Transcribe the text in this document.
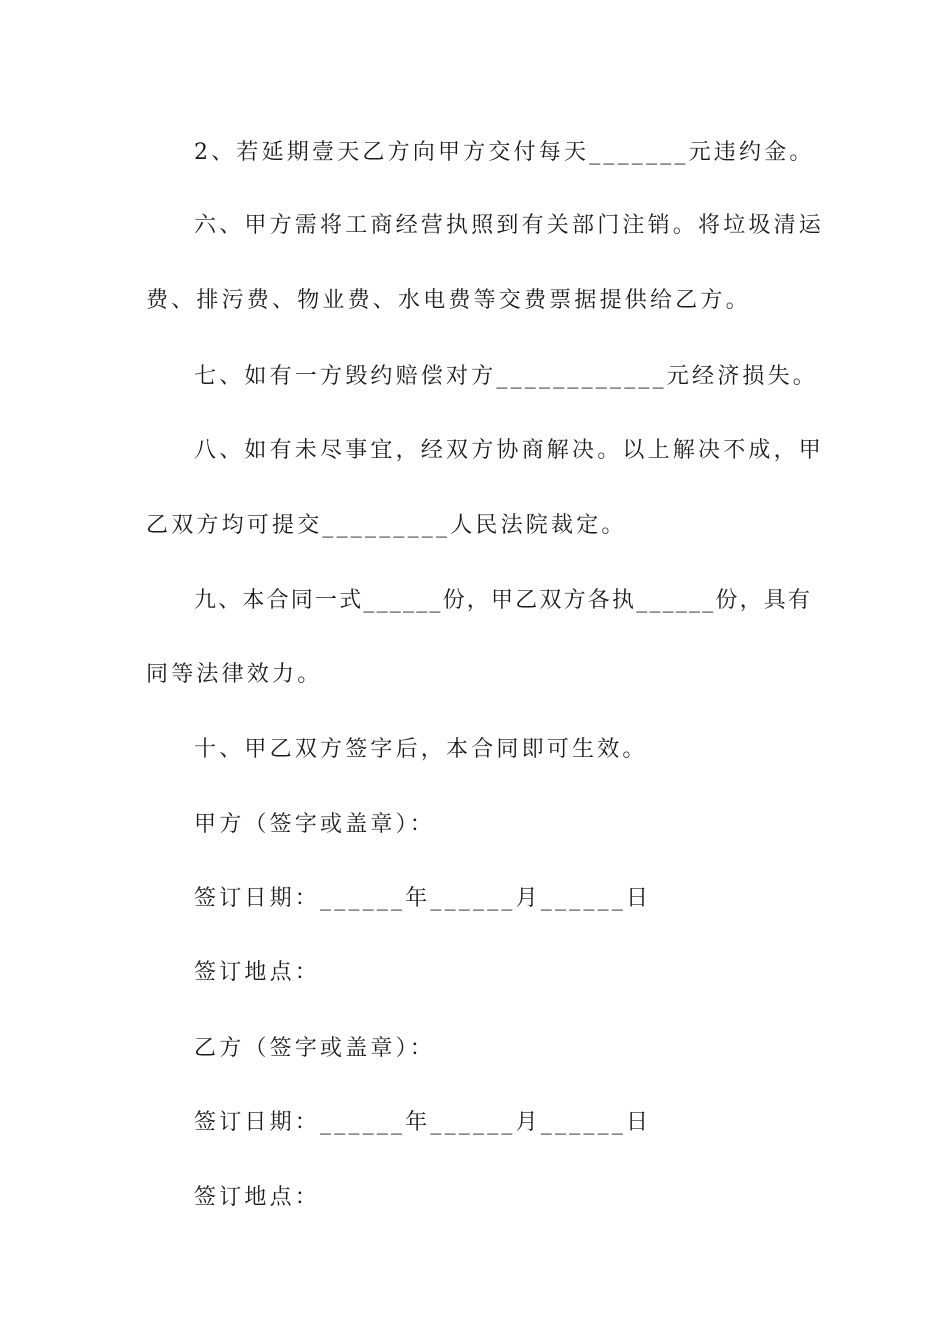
2、若延期壹天乙方向甲方交付每天_______元违约金。
六、甲方需将工商经营执照到有关部门注销。将垃圾清运
费、排污费、物业费、水电费等交费票据提供给乙方。
七、如有一方毁约赔偿对方____________元经济损失。
八、如有未尽事宜，经双方协商解决。以上解决不成，甲
乙双方均可提交_________人民法院裁定。
九、本合同一式______份，甲乙双方各执______份，具有
同等法律效力。
十、甲乙双方签字后，本合同即可生效。
甲方（签字或盖章）：
签订日期：______年______月______日
签订地点：
乙方（签字或盖章）：
签订日期：______年______月______日
签订地点：
